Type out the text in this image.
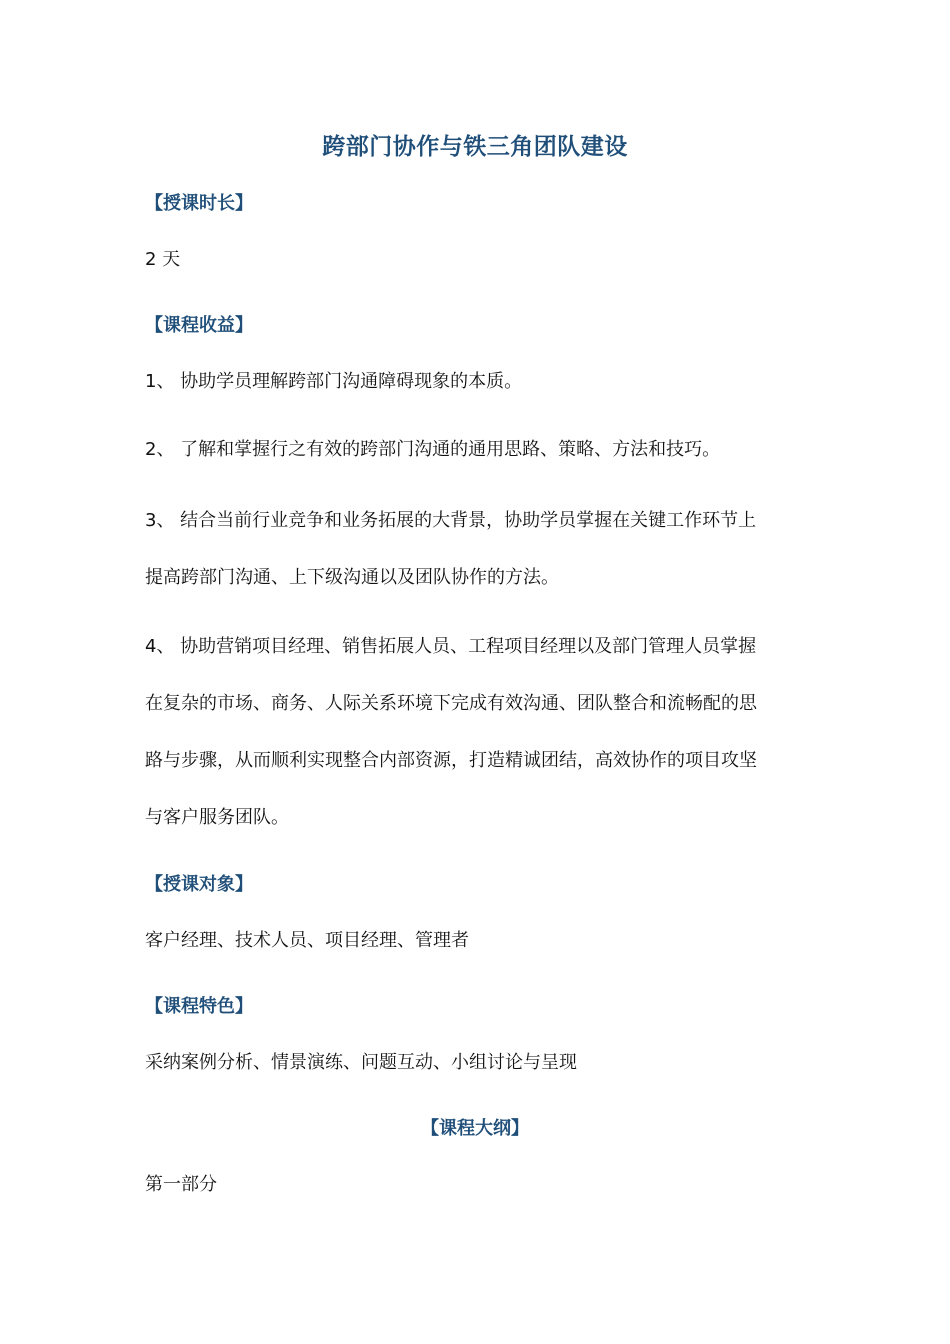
跨部门协作与铁三角团队建设
【授课时长】
2 天
【课程收益】
1、 协助学员理解跨部门沟通障碍现象的本质。
2、 了解和掌握行之有效的跨部门沟通的通用思路、策略、方法和技巧。
3、 结合当前行业竞争和业务拓展的大背景，协助学员掌握在关键工作环节上
提高跨部门沟通、上下级沟通以及团队协作的方法。
4、 协助营销项目经理、销售拓展人员、工程项目经理以及部门管理人员掌握
在复杂的市场、商务、人际关系环境下完成有效沟通、团队整合和流畅配的思
路与步骤，从而顺利实现整合内部资源，打造精诚团结，高效协作的项目攻坚
与客户服务团队。
【授课对象】
客户经理、技术人员、项目经理、管理者
【课程特色】
采纳案例分析、情景演练、问题互动、小组讨论与呈现
【课程大纲】
第一部分
